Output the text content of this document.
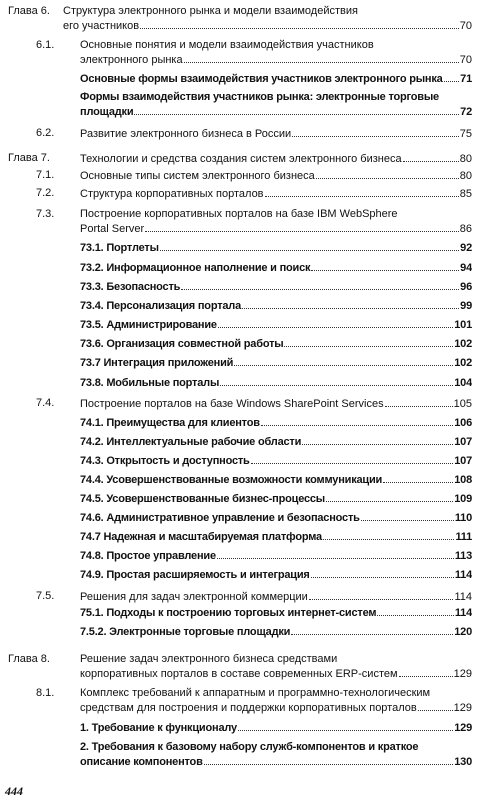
Глава 6. Структура электронного рынка и модели взаимодействия
его участников	70
6.1. Основные понятия и модели взаимодействия участников
электронного рынка	70
Основные формы взаимодействия участников электронного рынка 71
Формы взаимодействия участников рынка: электронные торговые
площадки	72
6.2. Развитие электронного бизнеса в России	75
Глава 7.	Технологии и средства создания систем электронного бизнеса	80
7.1. Основные типы систем электронного бизнеса	80
7.2. Структура корпоративных порталов	85
7.3. Построение корпоративных порталов на базе IBM WebSphere
Portal Server	86
73.1. Портлеты	92
73.2. Информационное наполнение и поиск	94
73.3. Безопасность	96
73.4. Персонализация портала	99
73.5. Администрирование	101
73.6. Организация совместной работы	102
73.7 Интеграция приложений	102
73.8. Мобильные порталы	104
7.4. Построение порталов на базе Windows SharePoint Services	105
74.1. Преимущества для клиентов	106
74.2. Интеллектуальные рабочие области	107
74.3. Открытость и доступность	107
74.4. Усовершенствованные возможности коммуникации	108
74.5. Усовершенствованные бизнес-процессы	109
74.6. Административное управление и безопасность	110
74.7 Надежная и масштабируемая платформа	111
74.8. Простое управление	113
74.9. Простая расширяемость и интеграция	114
7.5. Решения для задач электронной коммерции	114
75.1. Подходы к построению торговых интернет-систем	114
7.5.2. Электронные торговые площадки	120
Глава 8.	Решение задач электронного бизнеса средствами
корпоративных порталов в составе современных ERP-систем	129
8.1. Комплекс требований к аппаратным и программно-технологическим
средствам для построения и поддержки корпоративных порталов	129
1. Требование к функционалу	129
2. Требования к базовому набору служб-компонентов и краткое
описание компонентов	130
444
